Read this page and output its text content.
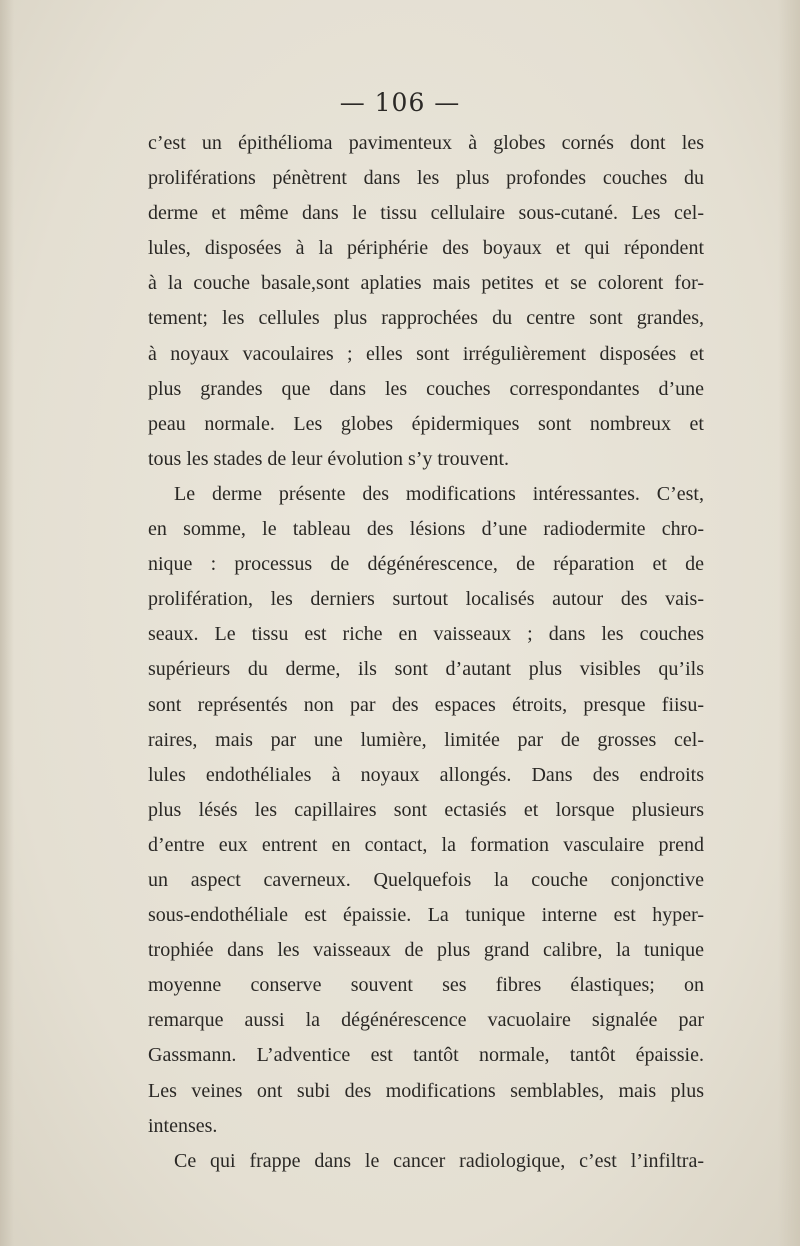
— 106 —
c’est un épithélioma pavimenteux à globes cornés dont les
proliférations pénètrent dans les plus profondes couches du
derme et même dans le tissu cellulaire sous-cutané. Les cel-
lules, disposées à la périphérie des boyaux et qui répondent
à la couche basale,sont aplaties mais petites et se colorent for-
tement; les cellules plus rapprochées du centre sont grandes,
à noyaux vacoulaires ; elles sont irrégulièrement disposées et
plus grandes que dans les couches correspondantes d’une
peau normale. Les globes épidermiques sont nombreux et
tous les stades de leur évolution s’y trouvent.
Le derme présente des modifications intéressantes. C’est,
en somme, le tableau des lésions d’une radiodermite chro-
nique : processus de dégénérescence, de réparation et de
prolifération, les derniers surtout localisés autour des vais-
seaux. Le tissu est riche en vaisseaux ; dans les couches
supérieurs du derme, ils sont d’autant plus visibles qu’ils
sont représentés non par des espaces étroits, presque fiisu-
raires, mais par une lumière, limitée par de grosses cel-
lules endothéliales à noyaux allongés. Dans des endroits
plus lésés les capillaires sont ectasiés et lorsque plusieurs
d’entre eux entrent en contact, la formation vasculaire prend
un aspect caverneux. Quelquefois la couche conjonctive
sous-endothéliale est épaissie. La tunique interne est hyper-
trophiée dans les vaisseaux de plus grand calibre, la tunique
moyenne conserve souvent ses fibres élastiques; on
remarque aussi la dégénérescence vacuolaire signalée par
Gassmann. L’adventice est tantôt normale, tantôt épaissie.
Les veines ont subi des modifications semblables, mais plus
intenses.
Ce qui frappe dans le cancer radiologique, c’est l’infiltra-
